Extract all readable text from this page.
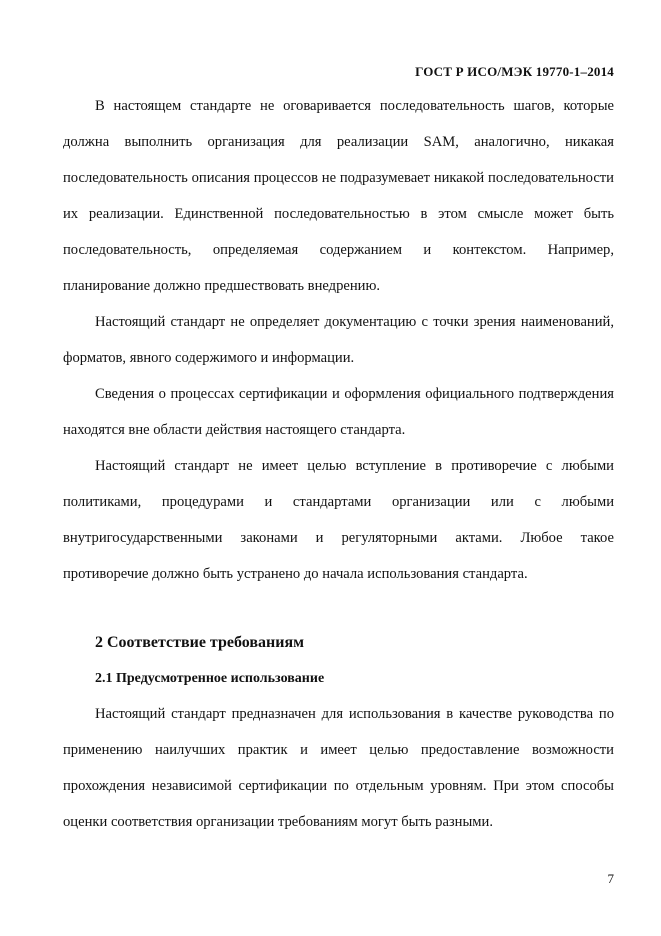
ГОСТ Р ИСО/МЭК 19770-1–2014

В настоящем стандарте не оговаривается последовательность шагов, которые должна выполнить организация для реализации SAM, аналогично, никакая последовательность описания процессов не подразумевает никакой последовательности их реализации. Единственной последовательностью в этом смысле может быть последовательность, определяемая содержанием и контекстом. Например, планирование должно предшествовать внедрению.

Настоящий стандарт не определяет документацию с точки зрения наименований, форматов, явного содержимого и информации.

Сведения о процессах сертификации и оформления официального подтверждения находятся вне области действия настоящего стандарта.

Настоящий стандарт не имеет целью вступление в противоречие с любыми политиками, процедурами и стандартами организации или с любыми внутригосударственными законами и регуляторными актами. Любое такое противоречие должно быть устранено до начала использования стандарта.

2 Соответствие требованиям
2.1 Предусмотренное использование

Настоящий стандарт предназначен для использования в качестве руководства по применению наилучших практик и имеет целью предоставление возможности прохождения независимой сертификации по отдельным уровням. При этом способы оценки соответствия организации требованиям могут быть разными.

7
